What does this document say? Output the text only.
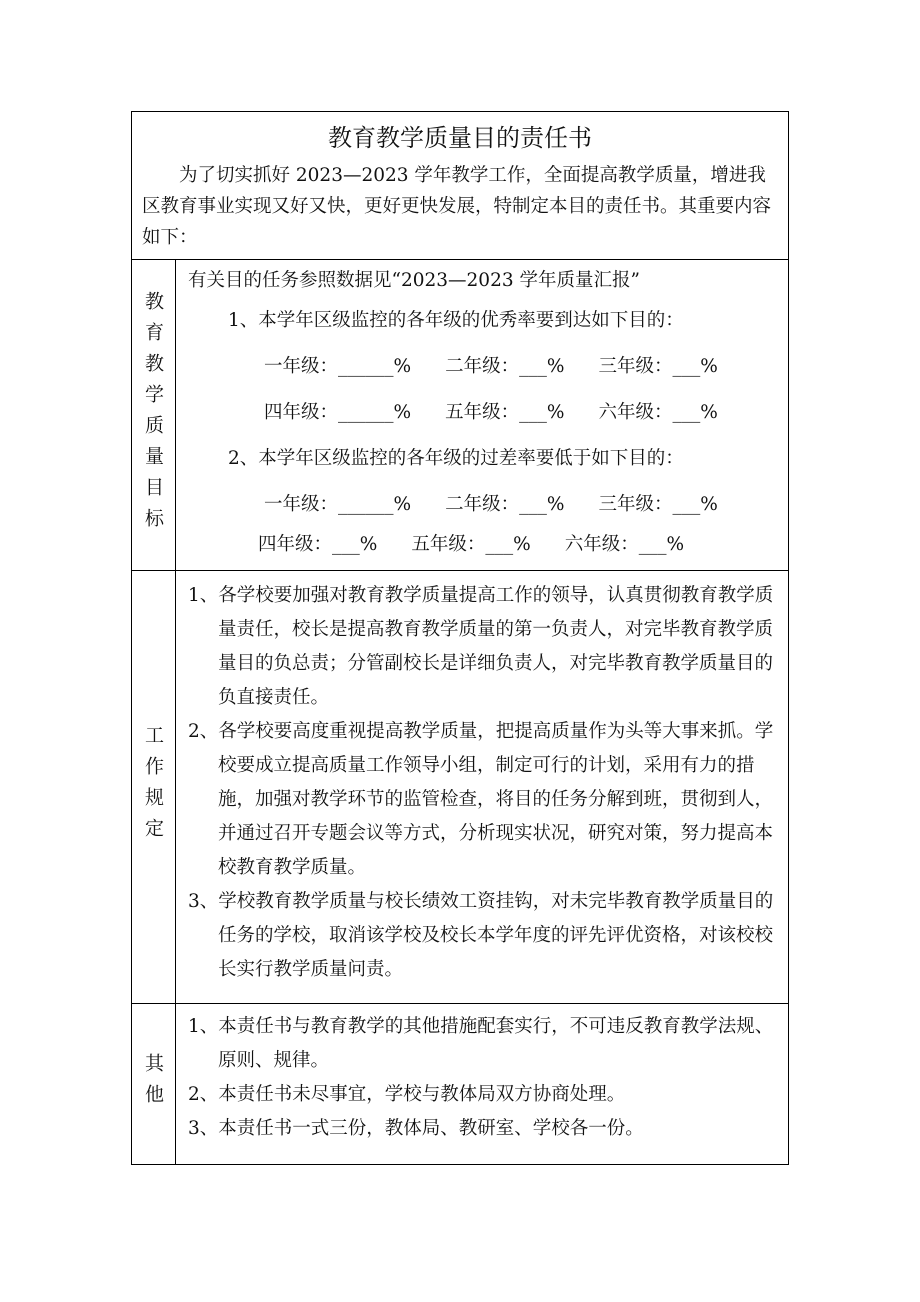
教育教学质量目的责任书

为了切实抓好 2023—2023 学年教学工作，全面提高教学质量，增进我区教育事业实现又好又快，更好更快发展，特制定本目的责任书。其重要内容如下：

教育教学质量目标

有关目的任务参照数据见“2023—2023 学年质量汇报”

1、本学年区级监控的各年级的优秀率要到达如下目的：

一年级：______% 二年级：___% 三年级：___%
四年级：______% 五年级：___% 六年级：___%

2、本学年区级监控的各年级的过差率要低于如下目的：

一年级：______% 二年级：___% 三年级：___%
四年级：___% 五年级：___% 六年级：___%
工作规定

1、各学校要加强对教育教学质量提高工作的领导，认真贯彻教育教学质量责任，校长是提高教育教学质量的第一负责人，对完毕教育教学质量目的负总责；分管副校长是详细负责人，对完毕教育教学质量目的负直接责任。

2、各学校要高度重视提高教学质量，把提高质量作为头等大事来抓。学校要成立提高质量工作领导小组，制定可行的计划，采用有力的措施，加强对教学环节的监管检查，将目的任务分解到班，贯彻到人，并通过召开专题会议等方式，分析现实状况，研究对策，努力提高本校教育教学质量。

3、学校教育教学质量与校长绩效工资挂钩，对未完毕教育教学质量目的任务的学校，取消该学校及校长本学年度的评先评优资格，对该校校长实行教学质量问责。

其他

1、本责任书与教育教学的其他措施配套实行，不可违反教育教学法规、原则、规律。

2、本责任书未尽事宜，学校与教体局双方协商处理。

3、本责任书一式三份，教体局、教研室、学校各一份。
